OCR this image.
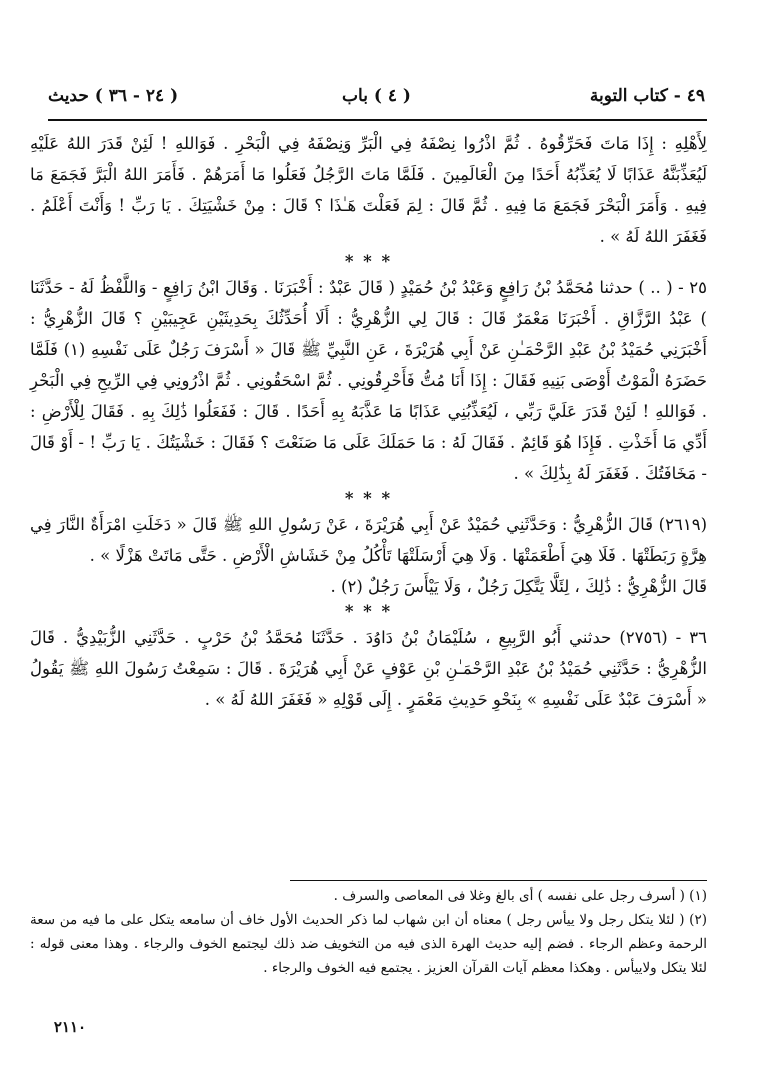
٤٩ - كتاب التوبة
( ٤ ) باب
( ٢٤ - ٣٦ ) حديث

لِأَهْلِهِ : إِذَا مَاتَ فَحَرِّقُوهُ . ثُمَّ اذْرُوا نِصْفَهُ فِي الْبَرِّ وَنِصْفَهُ فِي الْبَحْرِ . فَوَاللهِ ! لَئِنْ قَدَرَ اللهُ عَلَيْهِ لَيُعَذِّبَنَّهُ عَذَابًا لَا يُعَذِّبُهُ أَحَدًا مِنَ الْعَالَمِينَ . فَلَمَّا مَاتَ الرَّجُلُ فَعَلُوا مَا أَمَرَهُمْ . فَأَمَرَ اللهُ الْبَرَّ فَجَمَعَ مَا فِيهِ . وَأَمَرَ الْبَحْرَ فَجَمَعَ مَا فِيهِ . ثُمَّ قَالَ : لِمَ فَعَلْتَ هَـٰذَا ؟ قَالَ : مِنْ خَشْيَتِكَ . يَا رَبِّ ! وَأَنْتَ أَعْلَمُ . فَغَفَرَ اللهُ لَهُ » .

* * *

٢٥ - ( .. ) حدثنا مُحَمَّدُ بْنُ رَافِعٍ وَعَبْدُ بْنُ حُمَيْدٍ ( قَالَ عَبْدٌ : أَخْبَرَنَا . وَقَالَ ابْنُ رَافِعٍ - وَاللَّفْظُ لَهُ - حَدَّثَنَا ) عَبْدُ الرَّزَّاقِ . أَخْبَرَنَا مَعْمَرٌ قَالَ : قَالَ لِي الزُّهْرِيُّ : أَلَا أُحَدِّثُكَ بِحَدِيثَيْنِ عَجِيبَيْنِ ؟ قَالَ الزُّهْرِيُّ : أَخْبَرَنِي حُمَيْدُ بْنُ عَبْدِ الرَّحْمَـٰنِ عَنْ أَبِي هُرَيْرَةَ ، عَنِ النَّبِيِّ ﷺ قَالَ « أَسْرَفَ رَجُلٌ عَلَى نَفْسِهِ (١) فَلَمَّا حَضَرَهُ الْمَوْتُ أَوْصَى بَنِيهِ فَقَالَ : إِذَا أَنَا مُتُّ فَأَحْرِقُونِي . ثُمَّ اسْحَقُونِي . ثُمَّ اذْرُونِي فِي الرِّيحِ فِي الْبَحْرِ . فَوَاللهِ ! لَئِنْ قَدَرَ عَلَيَّ رَبِّي ، لَيُعَذِّبُنِي عَذَابًا مَا عَذَّبَهُ بِهِ أَحَدًا . قَالَ : فَفَعَلُوا ذَٰلِكَ بِهِ . فَقَالَ لِلْأَرْضِ : أَدِّي مَا أَخَذْتِ . فَإِذَا هُوَ قَائِمٌ . فَقَالَ لَهُ : مَا حَمَلَكَ عَلَى مَا صَنَعْتَ ؟ فَقَالَ : خَشْيَتُكَ . يَا رَبِّ ! - أَوْ قَالَ - مَخَافَتُكَ . فَغَفَرَ لَهُ بِذَٰلِكَ » .

* * *

(٢٦١٩) قَالَ الزُّهْرِيُّ : وَحَدَّثَنِي حُمَيْدٌ عَنْ أَبِي هُرَيْرَةَ ، عَنْ رَسُولِ اللهِ ﷺ قَالَ « دَخَلَتِ امْرَأَةٌ النَّارَ فِي هِرَّةٍ رَبَطَتْهَا . فَلَا هِيَ أَطْعَمَتْهَا . وَلَا هِيَ أَرْسَلَتْهَا تَأْكُلُ مِنْ خَشَاشِ الْأَرْضِ . حَتَّى مَاتَتْ هَزْلًا » .

قَالَ الزُّهْرِيُّ : ذَٰلِكَ ، لِئَلَّا يَتَّكِلَ رَجُلٌ ، وَلَا يَيْأَسَ رَجُلٌ (٢) .

* * *

٣٦ - (٢٧٥٦) حدثني أَبُو الرَّبِيعِ ، سُلَيْمَانُ بْنُ دَاوُدَ . حَدَّثَنَا مُحَمَّدُ بْنُ حَرْبٍ . حَدَّثَنِي الزُّبَيْدِيُّ . قَالَ الزُّهْرِيُّ : حَدَّثَنِي حُمَيْدُ بْنُ عَبْدِ الرَّحْمَـٰنِ بْنِ عَوْفٍ عَنْ أَبِي هُرَيْرَةَ . قَالَ : سَمِعْتُ رَسُولَ اللهِ ﷺ يَقُولُ « أَسْرَفَ عَبْدٌ عَلَى نَفْسِهِ » بِنَحْوِ حَدِيثِ مَعْمَرٍ . إِلَى قَوْلِهِ « فَغَفَرَ اللهُ لَهُ » .

(١) ( أسرف رجل على نفسه ) أى بالغ وغلا فى المعاصى والسرف .

(٢) ( لئلا يتكل رجل ولا ييأس رجل ) معناه أن ابن شهاب لما ذكر الحديث الأول خاف أن سامعه يتكل على ما فيه من سعة الرحمة وعظم الرجاء . فضم إليه حديث الهرة الذى فيه من التخويف ضد ذلك ليجتمع الخوف والرجاء . وهذا معنى قوله : لئلا يتكل ولاييأس . وهكذا معظم آيات القرآن العزيز . يجتمع فيه الخوف والرجاء .

٢١١٠
